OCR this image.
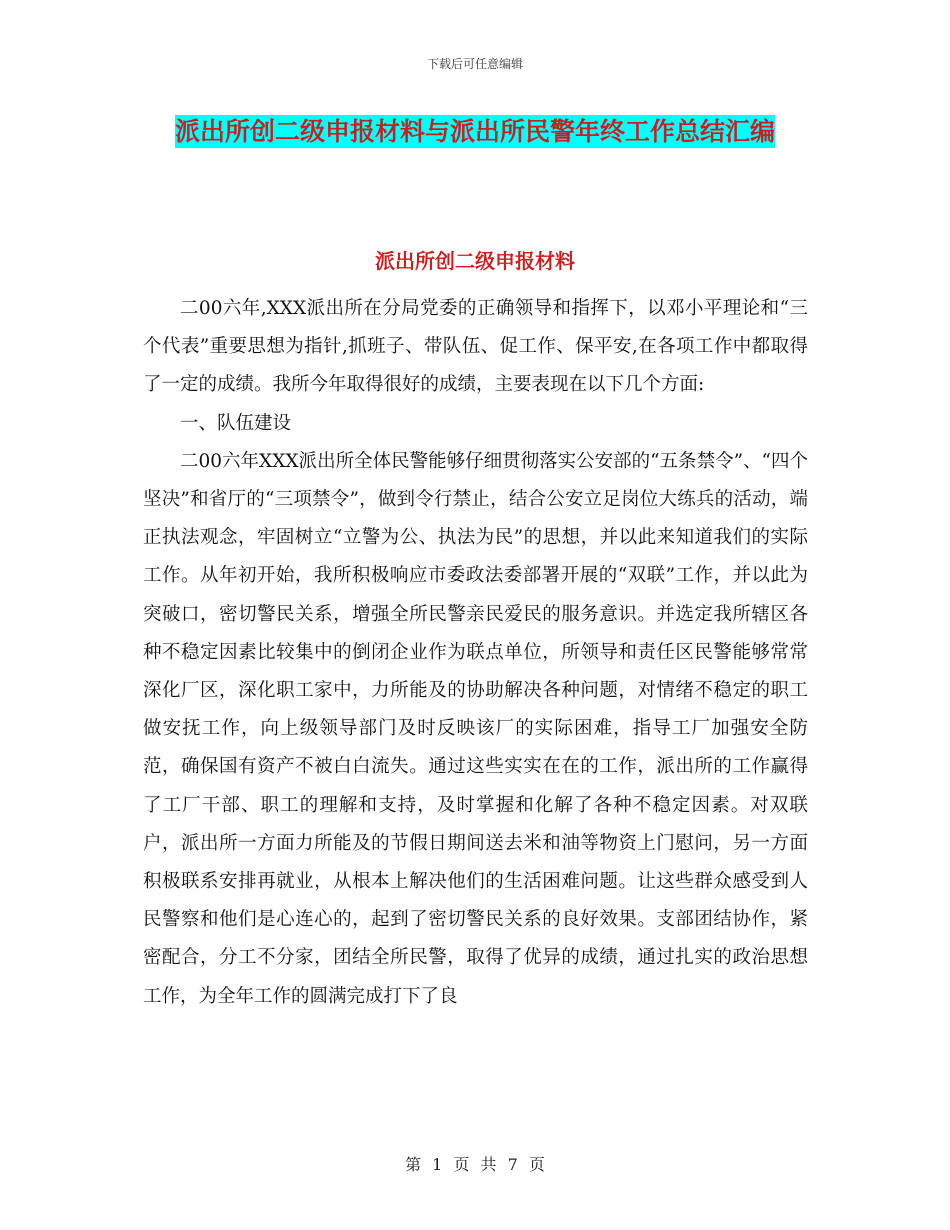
下载后可任意编辑
派出所创二级申报材料与派出所民警年终工作总结汇编
派出所创二级申报材料

二00六年,XXX派出所在分局党委的正确领导和指挥下，以邓小平理论和“三个代表”重要思想为指针,抓班子、带队伍、促工作、保平安,在各项工作中都取得了一定的成绩。我所今年取得很好的成绩，主要表现在以下几个方面:

一、队伍建设

二00六年XXX派出所全体民警能够仔细贯彻落实公安部的“五条禁令”、“四个坚决”和省厅的“三项禁令”，做到令行禁止，结合公安立足岗位大练兵的活动，端正执法观念，牢固树立“立警为公、执法为民”的思想，并以此来知道我们的实际工作。从年初开始，我所积极响应市委政法委部署开展的“双联”工作，并以此为突破口，密切警民关系，增强全所民警亲民爱民的服务意识。并选定我所辖区各种不稳定因素比较集中的倒闭企业作为联点单位，所领导和责任区民警能够常常深化厂区，深化职工家中，力所能及的协助解决各种问题，对情绪不稳定的职工做安抚工作，向上级领导部门及时反映该厂的实际困难，指导工厂加强安全防范，确保国有资产不被白白流失。通过这些实实在在的工作，派出所的工作赢得了工厂干部、职工的理解和支持，及时掌握和化解了各种不稳定因素。对双联户，派出所一方面力所能及的节假日期间送去米和油等物资上门慰问，另一方面积极联系安排再就业，从根本上解决他们的生活困难问题。让这些群众感受到人民警察和他们是心连心的，起到了密切警民关系的良好效果。支部团结协作，紧密配合，分工不分家，团结全所民警，取得了优异的成绩，通过扎实的政治思想工作，为全年工作的圆满完成打下了良

第 1 页 共 7 页
